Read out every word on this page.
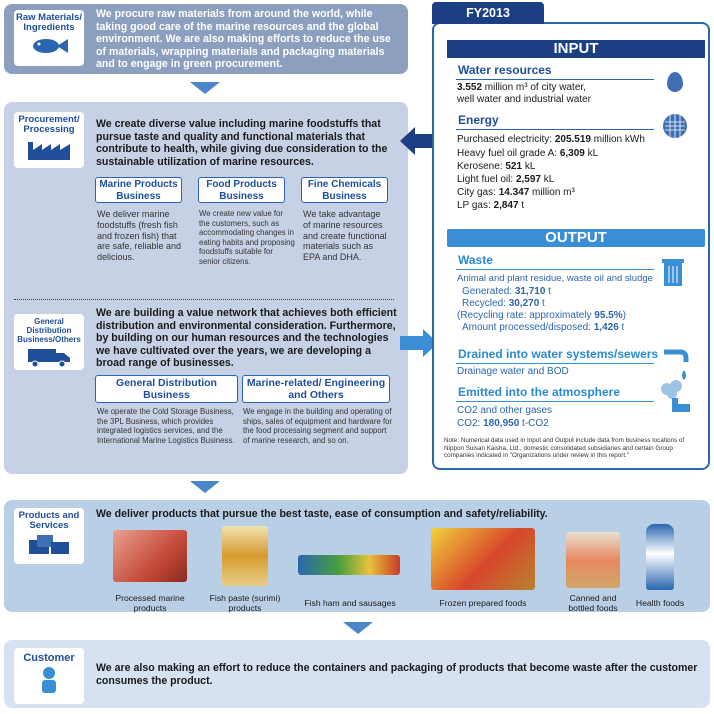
Raw Materials/ Ingredients
We procure raw materials from around the world, while taking good care of the marine resources and the global environment. We are also making efforts to reduce the use of materials, wrapping materials and packaging materials and to engage in green procurement.
Procurement/ Processing	We create diverse value including marine foodstuffs that pursue taste and quality and functional materials that contribute to health, while giving due consideration to the sustainable utilization of marine resources.
Marine Products Business
Food Products Business
Fine Chemicals Business
We deliver marine foodstuffs (fresh fish and frozen fish) that are safe, reliable and delicious.
We create new value for the customers, such as accommodating changes in eating habits and proposing foodstuffs suitable for senior citizens.
We take advantage of marine resources and create functional materials such as EPA and DHA.
General Distribution Business/Others
We are building a value network that achieves both efficient distribution and environmental consideration. Furthermore, by building on our human resources and the technologies we have cultivated over the years, we are developing a broad range of businesses.
General Distribution Business
Marine-related/ Engineering and Others
We operate the Cold Storage Business, the 3PL Business, which provides integrated logistics services, and the International Marine Logistics Business.
We engage in the building and operating of ships, sales of equipment and hardware for the food processing segment and support of marine research, and so on.
FY2013
INPUT
Water resources
3.552 million m³ of city water,
well water and industrial water
Energy
Purchased electricity: 205.519 million kWh
Heavy fuel oil grade A: 6,309 kL
Kerosene: 521 kL
Light fuel oil: 2,597 kL
City gas: 14.347 million m³
LP gas: 2,847 t
OUTPUT
Waste
Animal and plant residue, waste oil and sludge
Generated: 31,710 t
Recycled: 30,270 t
(Recycling rate: approximately 95.5%)
Amount processed/disposed: 1,426 t
Drained into water systems/sewers
Drainage water and BOD
Emitted into the atmosphere
CO2 and other gases
CO2: 180,950 t-CO2
Note: Numerical data used in Input and Output include data from business locations of Nippon Suisan Kaisha, Ltd., domestic consolidated subsidiaries and certain Group companies indicated in "Organizations under review in this report."
Products and Services
We deliver products that pursue the best taste, ease of consumption and safety/reliability.
Processed marine products
Fish paste (surimi) products	Fish ham and sausages	Frozen prepared foods	Canned and bottled foods	Health foods
Customer
We are also making an effort to reduce the containers and packaging of products that become waste after the customer consumes the product.
